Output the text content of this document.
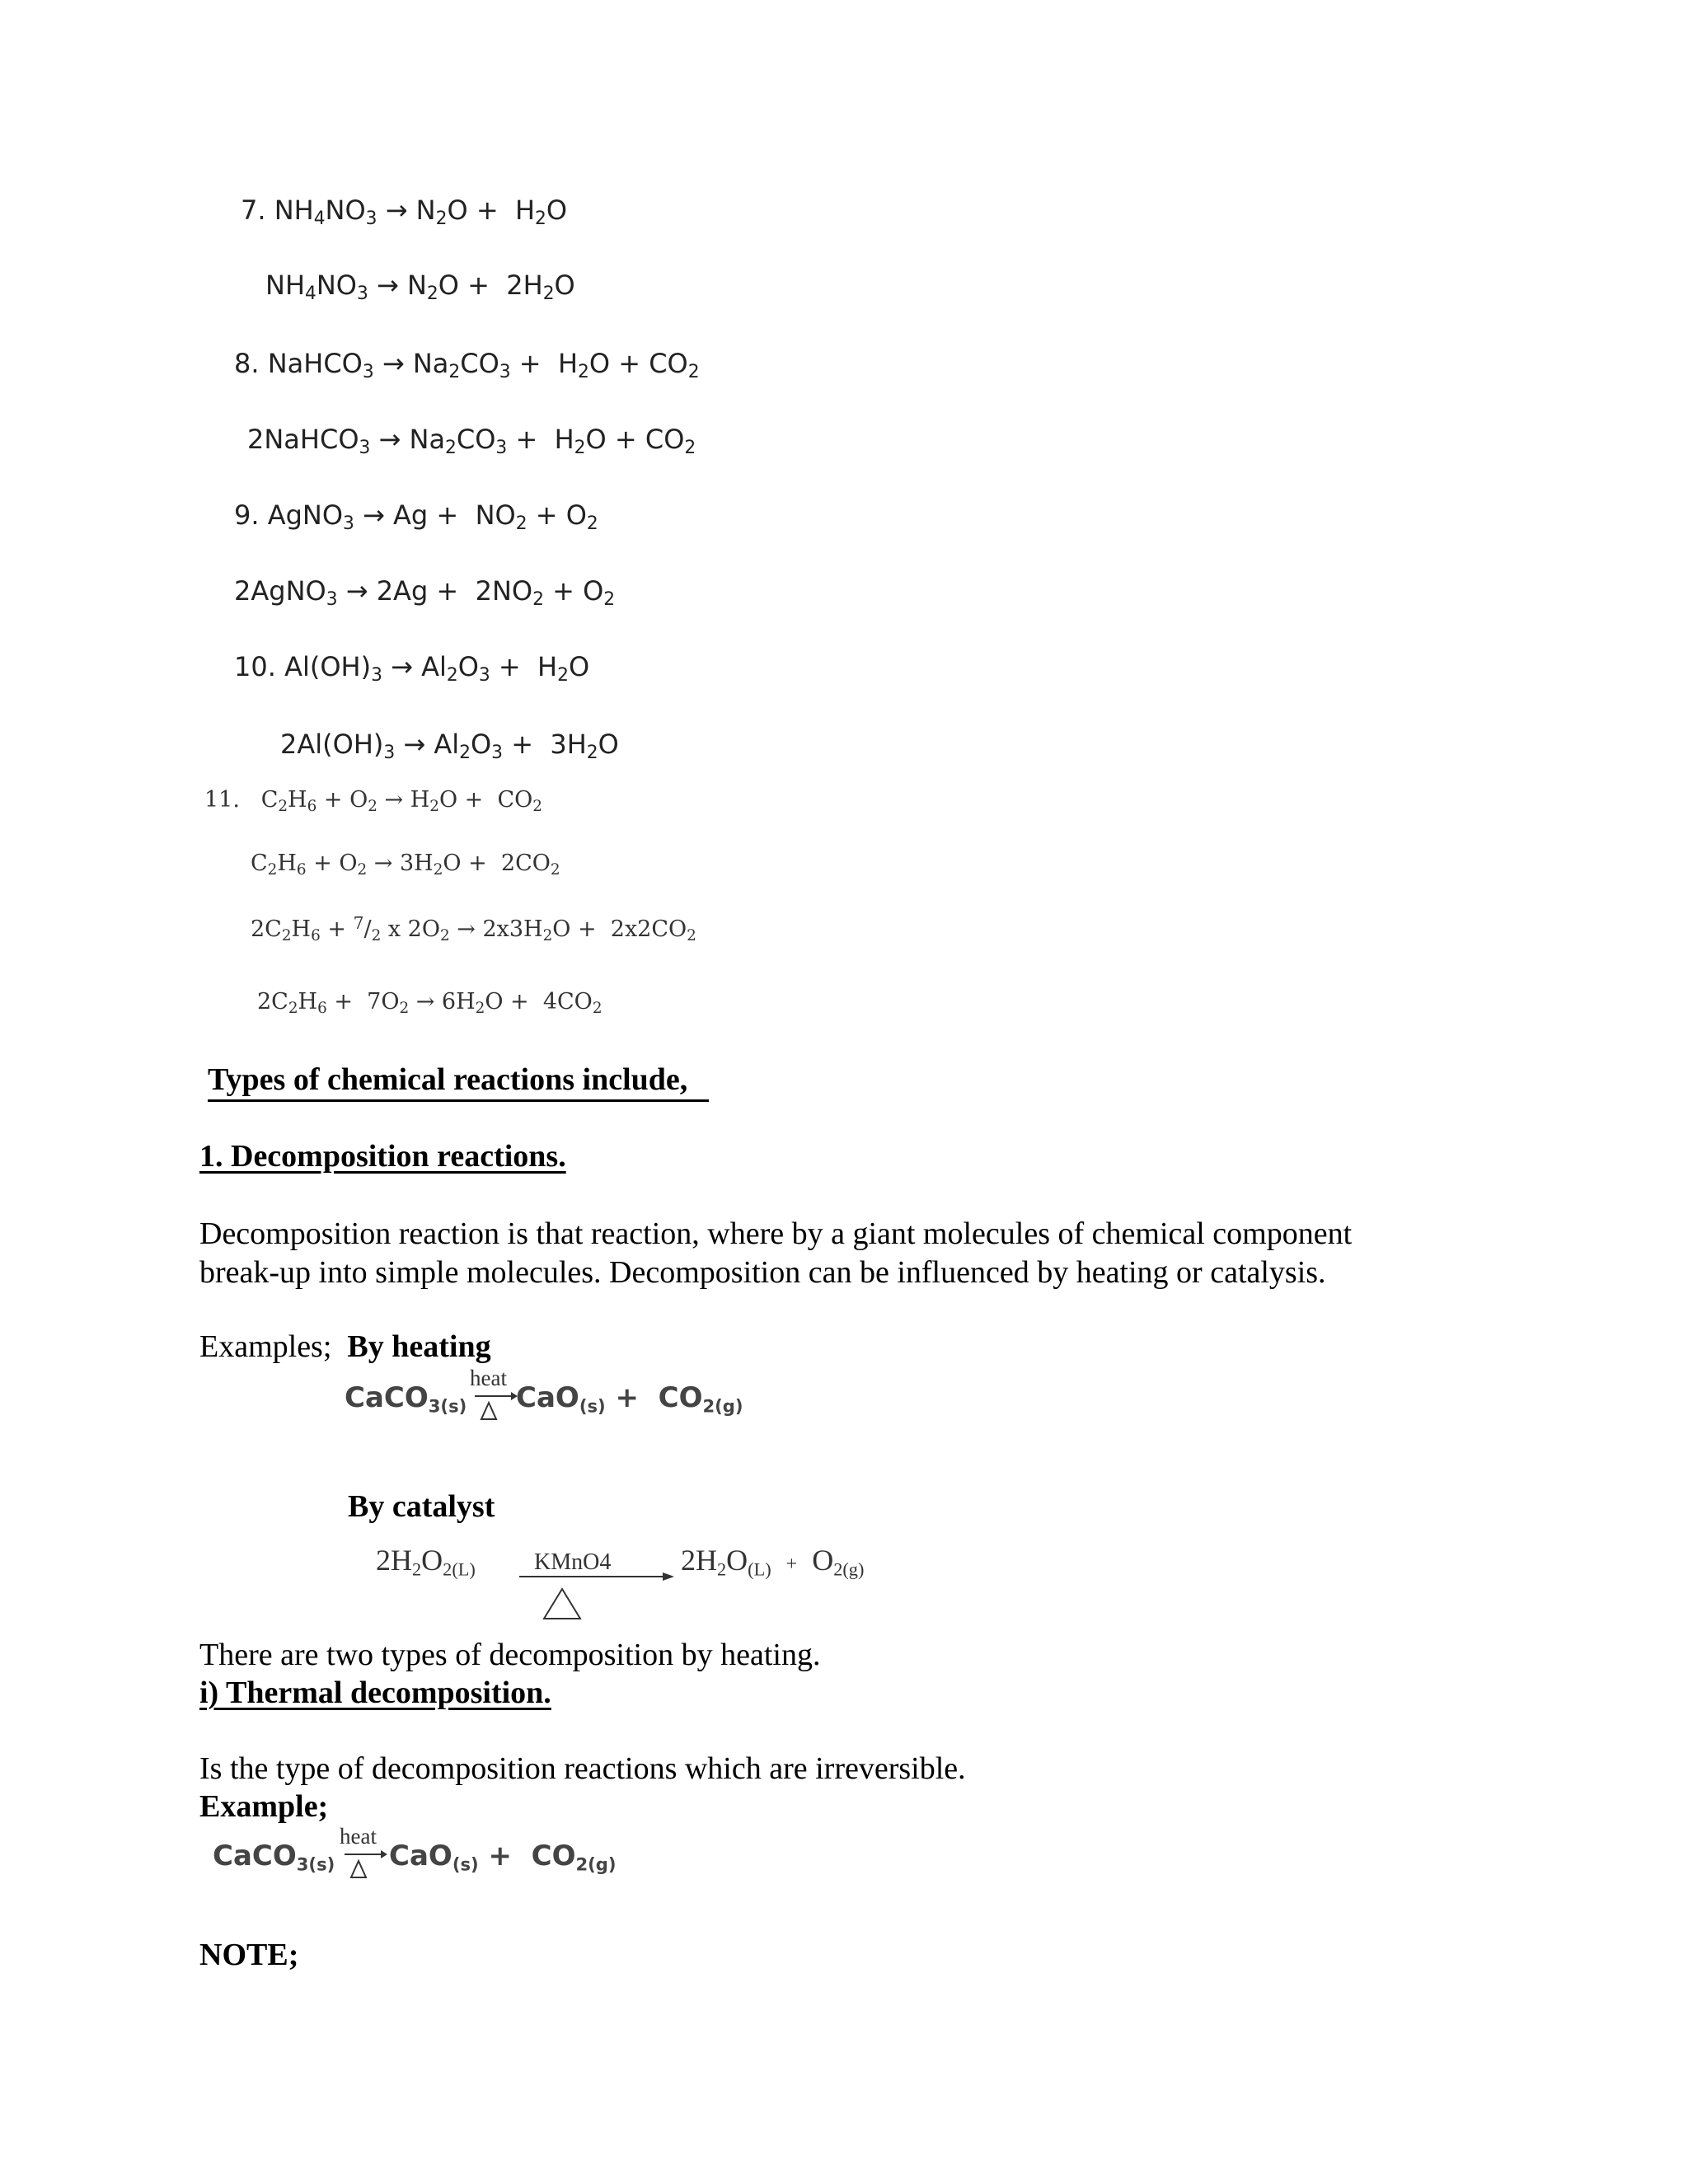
7. $NH_4NO_3 \to N_2O + H_2O$
$NH_4NO_3 \to N_2O + 2H_2O$
8. NaHCO$_3$ → $Na_2CO_3 + H_2O + CO_2$
2NaHCO$_3$ → $Na_2CO_3 + H_2O + CO_2$
9. AgNO$_3$ → $Ag + NO_2 + O_2$
2AgNO$_3$ → $2Ag + 2NO_2 + O_2$
10. $Al(OH)_3 \to Al_2O_3 + H_2O$
$2Al(OH)_3 \to Al_2O_3 + 3H_2O$
11.   $C_2H_6 + O_2 \to H_2O + CO_2$
$C_2H_6 + O_2 \to 3H_2O + 2CO_2$
$2C_2H_6 + ^7/_2$ x $2O_2 \to 2x3H_2O + 2x2CO_2$
$2C_2H_6 + 7O_2 \to 6H_2O + 4CO_2$
Types of chemical reactions include,
1. Decomposition reactions.
Decomposition reaction is that reaction, where by a giant molecules of chemical component
break-up into simple molecules. Decomposition can be influenced by heating or catalysis.
Examples; By heating
CaCO$_{3(s)}$
heat
$CaO_{(s)} + CO_{2(g)}$
By catalyst
$2H_2O_{2(L)}$	KMnO4 $2H_2O_{(L)} + O_{2(g)}$
There are two types of decomposition by heating.
i) Thermal decomposition.
Is the type of decomposition reactions which are irreversible.
Example;
CaCO$_{3(s)}$
heat
$CaO_{(s)} + CO_{2(g)}$
NOTE;
